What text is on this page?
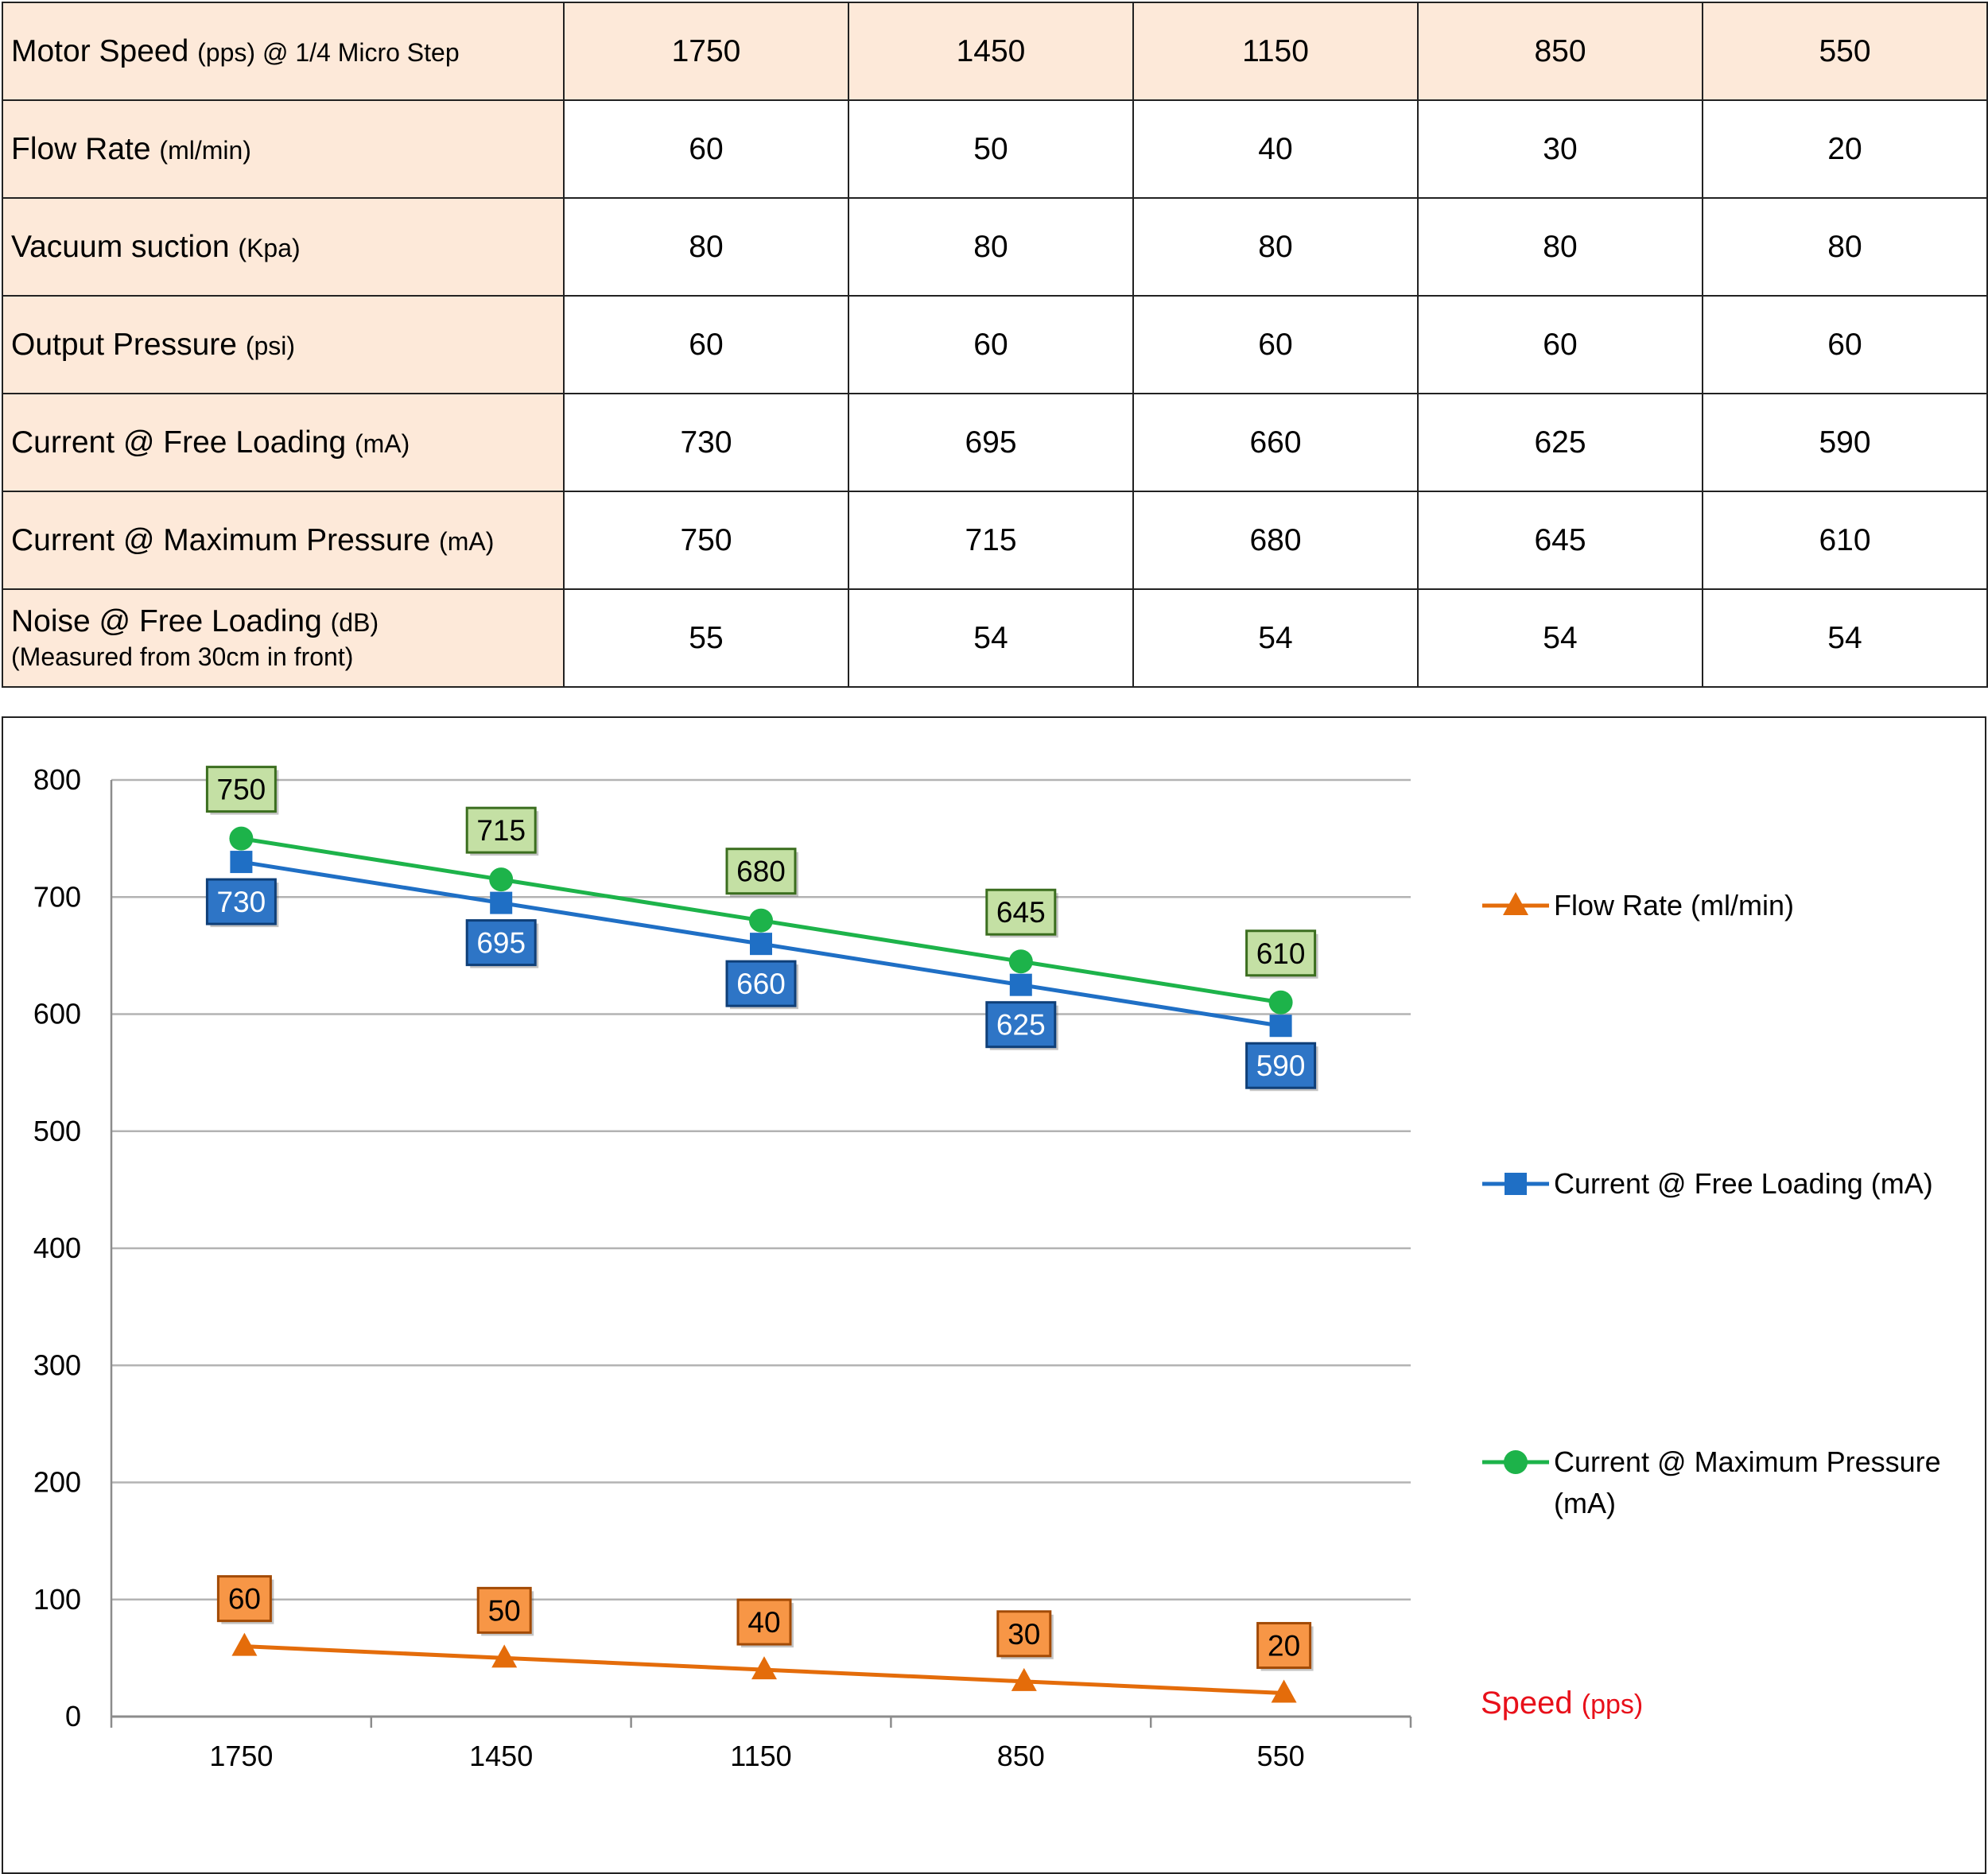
Motor Speed (pps) @ 1/4 Micro Step	1750	1450	1150	850	550
Flow Rate (ml/min)	60	50	40	30	20
Vacuum suction (Kpa)	80	80	80	80	80
Output Pressure (psi)	60	60	60	60	60
Current @ Free Loading (mA)	730	695	660	625	590
Current @ Maximum Pressure (mA)	750	715	680	645	610
Noise @ Free Loading (dB)
(Measured from 30cm in front)	55	54	54	54	54
0
100
200
300
400
500
600
700
800
1750	1450	1150	850	550
60	50	40	30	20
730
695
660
625
590
750
715
680
645
610
Flow Rate (ml/min)
Current @ Free Loading (mA)
Current @ Maximum Pressure
(mA)
Speed (pps)
